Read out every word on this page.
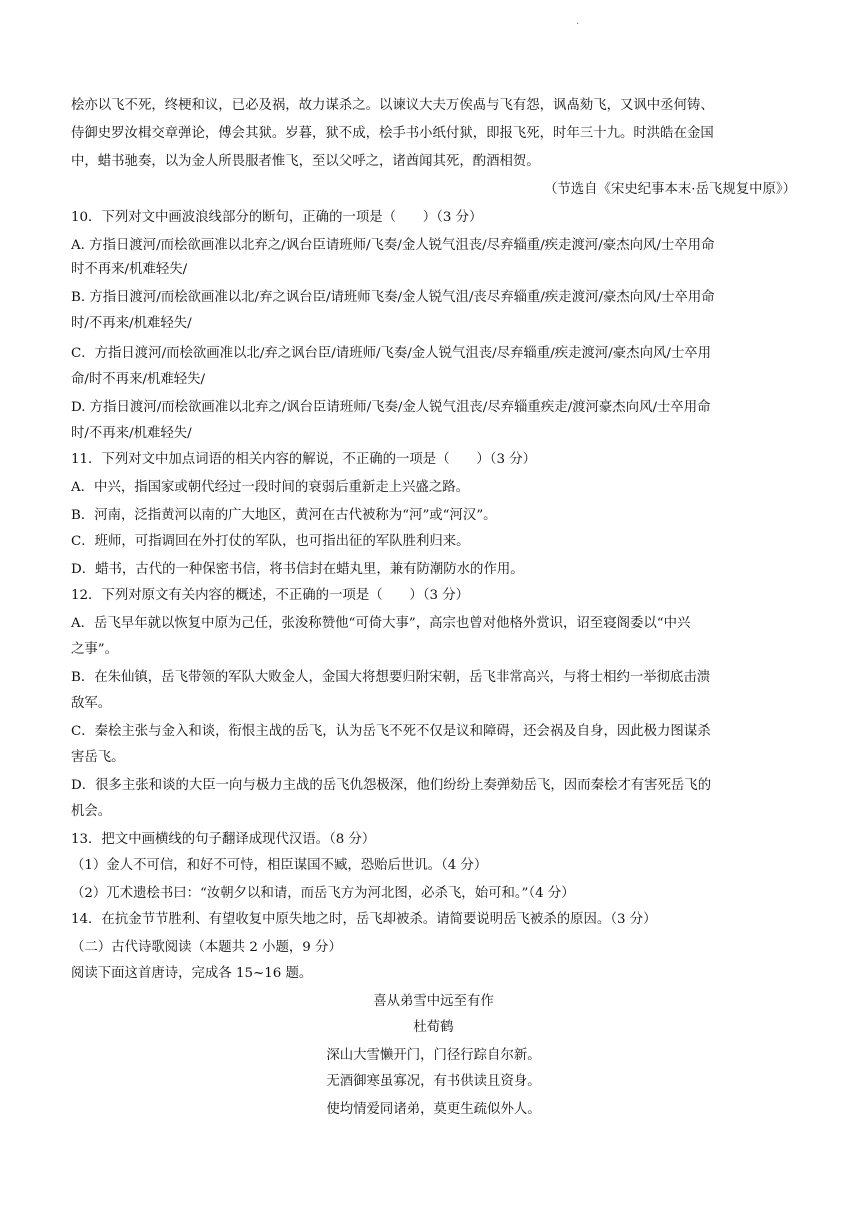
.
桧亦以飞不死，终梗和议，已必及祸，故力谋杀之。以谏议大夫万俟卨与飞有怨，讽卨劾飞，又讽中丞何铸、
侍御史罗汝楫交章弹论，傅会其狱。岁暮，狱不成，桧手书小纸付狱，即报飞死，时年三十九。时洪皓在金国
中，蜡书驰奏，以为金人所畏服者惟飞，至以父呼之，诸酋闻其死，酌酒相贺。
（节选自《宋史纪事本末·岳飞规复中原》）
10．下列对文中画波浪线部分的断句，正确的一项是（　　）（3 分）
A. 方指日渡河/而桧欲画准以北弃之/讽台臣请班师/飞奏/金人锐气沮丧/尽弃辎重/疾走渡河/豪杰向风/士卒用命
时不再来/机难轻失/
B. 方指日渡河/而桧欲画准以北/弃之讽台臣/请班师飞奏/金人锐气沮/丧尽弃辎重/疾走渡河/豪杰向风/士卒用命
时/不再来/机难轻失/
C．方指日渡河/而桧欲画准以北/弃之讽台臣/请班师/飞奏/金人锐气沮丧/尽弃辎重/疾走渡河/豪杰向风/士卒用
命/时不再来/机难轻失/
D. 方指日渡河/而桧欲画准以北弃之/讽台臣请班师/飞奏/金人锐气沮丧/尽弃辎重疾走/渡河豪杰向风/士卒用命
时/不再来/机难轻失/
11．下列对文中加点词语的相关内容的解说，不正确的一项是（　　）（3 分）
A．中兴，指国家或朝代经过一段时间的衰弱后重新走上兴盛之路。
B．河南，泛指黄河以南的广大地区，黄河在古代被称为“河”或“河汉”。
C．班师，可指调回在外打仗的军队，也可指出征的军队胜利归来。
D．蜡书，古代的一种保密书信，将书信封在蜡丸里，兼有防潮防水的作用。
12．下列对原文有关内容的概述，不正确的一项是（　　）（3 分）
A．岳飞早年就以恢复中原为己任，张浚称赞他“可倚大事”，高宗也曾对他格外赏识，诏至寝阁委以“中兴
之事”。
B．在朱仙镇，岳飞带领的军队大败金人，金国大将想要归附宋朝，岳飞非常高兴，与将士相约一举彻底击溃
敌军。
C．秦桧主张与金入和谈，衔恨主战的岳飞，认为岳飞不死不仅是议和障碍，还会祸及自身，因此极力图谋杀
害岳飞。
D．很多主张和谈的大臣一向与极力主战的岳飞仇怨极深，他们纷纷上奏弹劾岳飞，因而秦桧才有害死岳飞的
机会。
13．把文中画横线的句子翻译成现代汉语。（8 分）
（1）金人不可信，和好不可恃，相臣谋国不臧，恐贻后世讥。（4 分）
（2）兀术遗桧书曰：“汝朝夕以和请，而岳飞方为河北图，必杀飞，始可和。”（4 分）
14．在抗金节节胜利、有望收复中原失地之时，岳飞却被杀。请简要说明岳飞被杀的原因。（3 分）
（二）古代诗歌阅读（本题共 2 小题，9 分）
阅读下面这首唐诗，完成各 15~16 题。
喜从弟雪中远至有作
杜荀鹤
深山大雪懒开门，门径行踪自尔新。
无酒御寒虽寡况，有书供读且资身。
使均情爱同诸弟，莫更生疏似外人。
